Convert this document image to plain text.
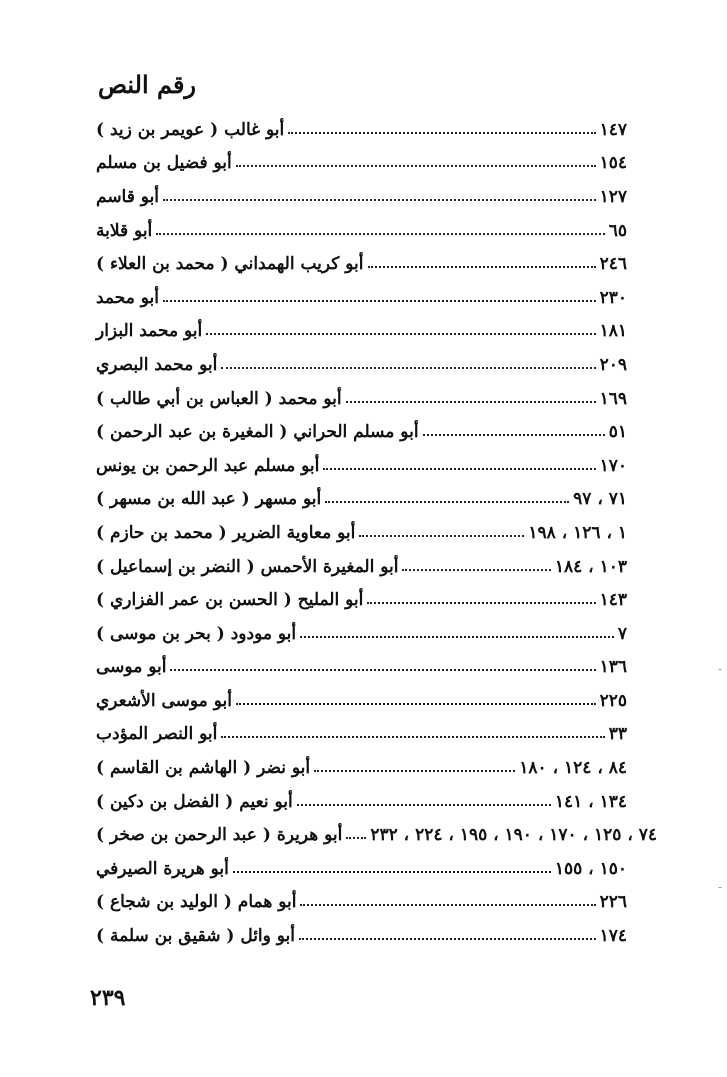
رقم النص
أبو غالب ( عويمر بن زيد )	١٤٧
أبو فضيل بن مسلم	١٥٤
أبو قاسم	١٢٧
أبو قلابة	٦٥
أبو كريب الهمداني ( محمد بن العلاء )	٢٤٦
أبو محمد	٢٣٠
أبو محمد البزار	١٨١
أبو محمد البصري	٢٠٩
أبو محمد ( العباس بن أبي طالب )	١٦٩
أبو مسلم الحراني ( المغيرة بن عبد الرحمن )	٥١
أبو مسلم عبد الرحمن بن يونس	١٧٠
أبو مسهر ( عبد الله بن مسهر )	٧١ ، ٩٧
أبو معاوية الضرير ( محمد بن حازم )	١ ، ١٢٦ ، ١٩٨
أبو المغيرة الأحمس ( النضر بن إسماعيل )	١٠٣ ، ١٨٤
أبو المليح ( الحسن بن عمر الفزاري )	١٤٣
أبو مودود ( بحر بن موسى )	٧
أبو موسى	١٣٦
أبو موسى الأشعري	٢٢٥
أبو النصر المؤدب	٣٣
أبو نضر ( الهاشم بن القاسم )	٨٤ ، ١٢٤ ، ١٨٠
أبو نعيم ( الفضل بن دكين )	١٣٤ ، ١٤١
أبو هريرة ( عبد الرحمن بن صخر ) ٧٤ ، ١٢٥ ، ١٧٠ ، ١٩٠ ، ١٩٥ ، ٢٢٤ ، ٢٣٢
أبو هريرة الصيرفي	١٥٠ ، ١٥٥
أبو همام ( الوليد بن شجاع )	٢٢٦
أبو وائل ( شقيق بن سلمة )	١٧٤
٢٣٩
-
-
